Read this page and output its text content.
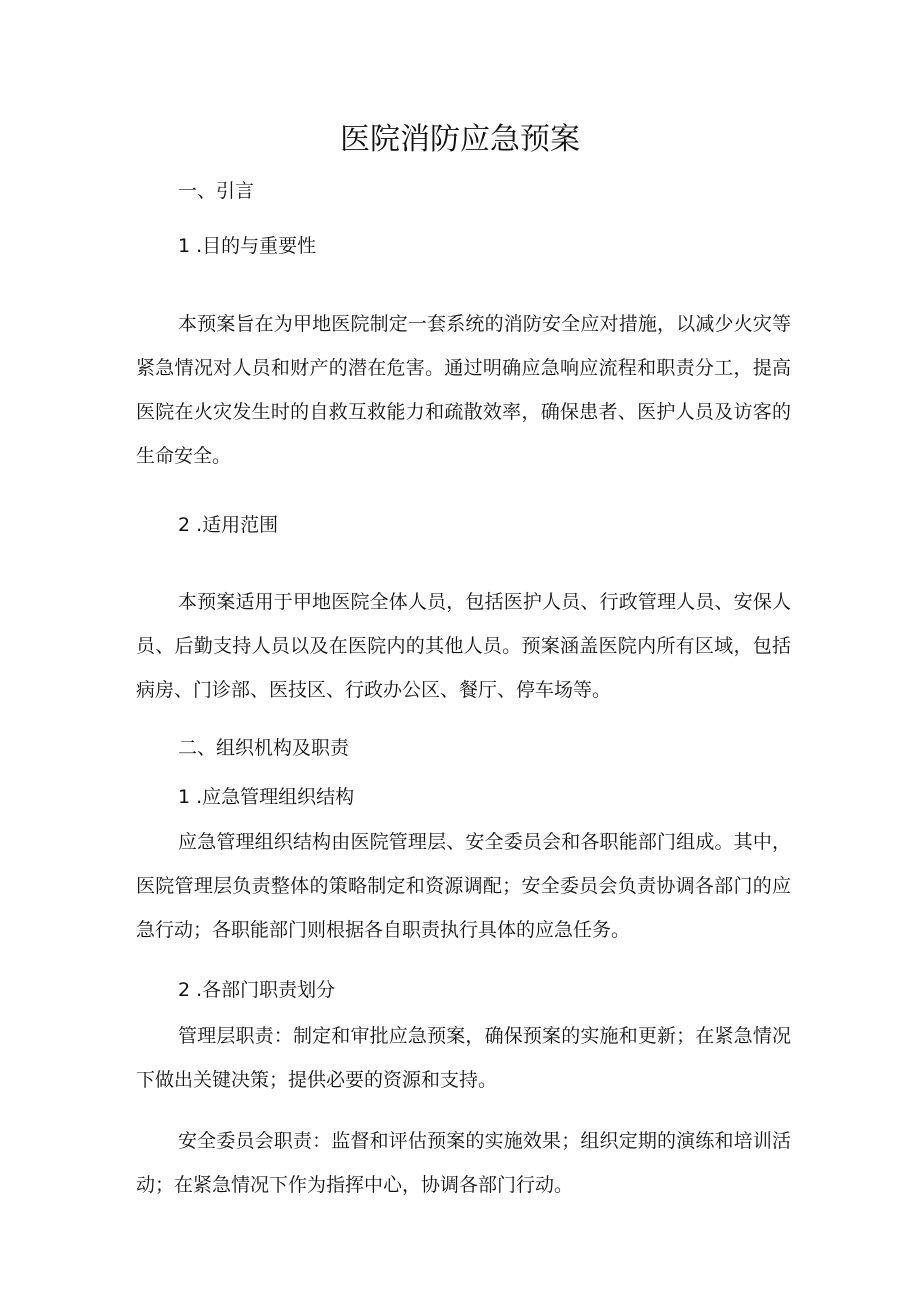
医院消防应急预案

一、引言

1 .目的与重要性

本预案旨在为甲地医院制定一套系统的消防安全应对措施，以减少火灾等紧急情况对人员和财产的潜在危害。通过明确应急响应流程和职责分工，提高医院在火灾发生时的自救互救能力和疏散效率，确保患者、医护人员及访客的生命安全。

2 .适用范围

本预案适用于甲地医院全体人员，包括医护人员、行政管理人员、安保人员、后勤支持人员以及在医院内的其他人员。预案涵盖医院内所有区域，包括病房、门诊部、医技区、行政办公区、餐厅、停车场等。

二、组织机构及职责

1 .应急管理组织结构

应急管理组织结构由医院管理层、安全委员会和各职能部门组成。其中，医院管理层负责整体的策略制定和资源调配；安全委员会负责协调各部门的应急行动；各职能部门则根据各自职责执行具体的应急任务。

2 .各部门职责划分

管理层职责：制定和审批应急预案，确保预案的实施和更新；在紧急情况下做出关键决策；提供必要的资源和支持。

安全委员会职责：监督和评估预案的实施效果；组织定期的演练和培训活动；在紧急情况下作为指挥中心，协调各部门行动。
